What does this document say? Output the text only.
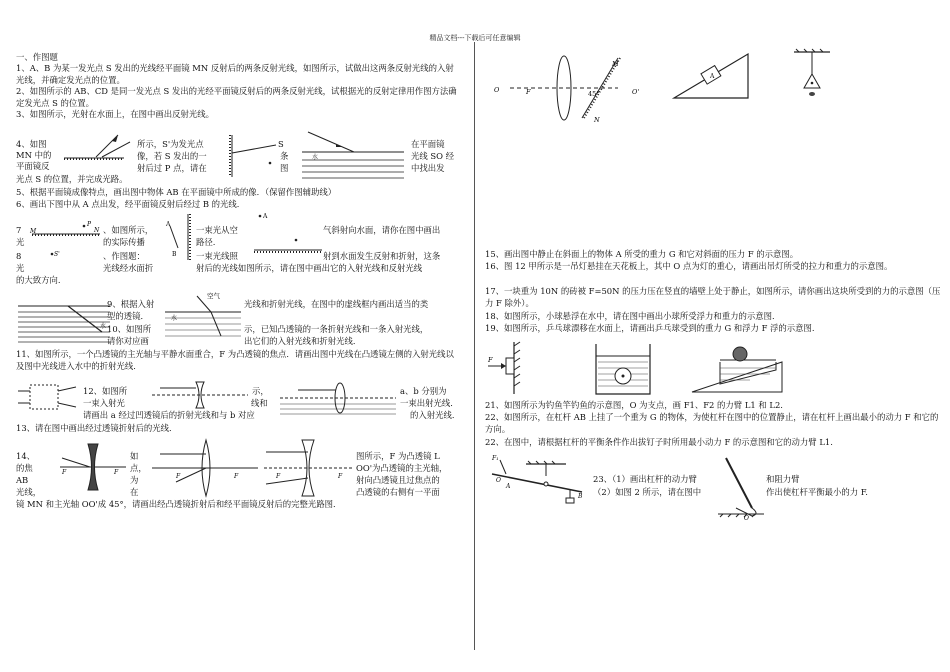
精品文档---下载后可任意编辑
一、作图题
1、A、B 为某一发光点 S 发出的光线经平面镜 MN 反射后的两条反射光线，如图所示，试做出这两条反射光线的入射光线，并确定发光点的位置。
2、如图所示的 AB、CD 是同一发光点 S 发出的光经平面镜反射后的两条反射光线，试根据光的反射定律用作图方法确定发光点 S 的位置。
3、如图所示，光射在水面上，在图中画出反射光线。
4、如图
MN 中的
平面镜反
所示，S'为发光点
像，若 S 发出的一
射后过 P 点，请在
S
条
图
在平面镜
光线 SO 经
中找出发
光点 S 的位置，并完成光路。
水
5、根据平面镜成像特点，画出图中物体 AB 在平面镜中所成的像．（保留作图辅助线）
6、画出下图中从 A 点出发，经平面镜反射后经过 B 的光线．
7	、如图所示，
的实际传播
一束光从空
路径.
气斜射向水面，请你在图中画出
光
8	、作图题：
光线经水面折
光
一束光线照
射后的光线如图所示，请在图中画出它的入射光线和反射光线
射到水面发生反射和折射，这条
的大致方向.
M	N
P
S'
A
B
A
水
9、根据入射	光线和折射光线，在图中的虚线框内画出适当的类
型的透镜．
10、如图所	示，已知凸透镜的一条折射光线和一条入射光线，
请你对应画	出它们的入射光线和折射光线．
空气
水
11、如图所示，一个凸透镜的主光轴与平静水面重合，F 为凸透镜的焦点．请画出图中光线在凸透镜左侧的入射光线以及图中光线进入水中的折射光线．
12、如图所	示，	a、b 分别为
一束入射光	线和	一束出射光线．
请画出 a 经过凹透镜后的折射光线和与 b 对应	的入射光线．
13、请在图中画出经过透镜折射后的光线．
14、
的焦
AB
光线，
如
点，
为
在
图所示，F 为凸透镜 L
OO'为凸透镜的主光轴，
射向凸透镜且过焦点的
凸透镜的右侧有一平面
镜 MN 和主光轴 OO'成 45°，请画出经凸透镜折射后和经平面镜反射后的完整光路图．
F	F
F	F	F	F
O	F	45°
M
N
O'
A
15、画出图中静止在斜面上的物体 A 所受的重力 G 和它对斜面的压力 F 的示意图。
16、图 12 甲所示是一吊灯悬挂在天花板上，其中 O 点为灯的重心，请画出吊灯所受的拉力和重力的示意图。
17、一块重为 10N 的砖被 F=50N 的压力压在竖直的墙壁上处于静止，如图所示，请你画出这块所受到的力的示意图（压力 F 除外）。
18、如图所示，小球悬浮在水中，请在图中画出小球所受浮力和重力的示意图．
19、如图所示，乒乓球漂移在水面上，请画出乒乓球受到的重力 G 和浮力 F 浮的示意图.
F
21、如图所示为钓鱼竿钓鱼的示意图，O 为支点，画 F1、F2 的力臂 L1 和 L2.
22、如图所示，在杠杆 AB 上挂了一个重为 G 的物体，为使杠杆在图中的位置静止，请在杠杆上画出最小的动力 F 和它的方向。
22、在图中，请根据杠杆的平衡条件作出拔钉子时所用最小动力 F 的示意图和它的动力臂 L1.
F₁
O
A
B
23、（1）画出杠杆的动力臂
（2）如图 2 所示，请在图中
和阻力臂
作出使杠杆平衡最小的力 F.
O
